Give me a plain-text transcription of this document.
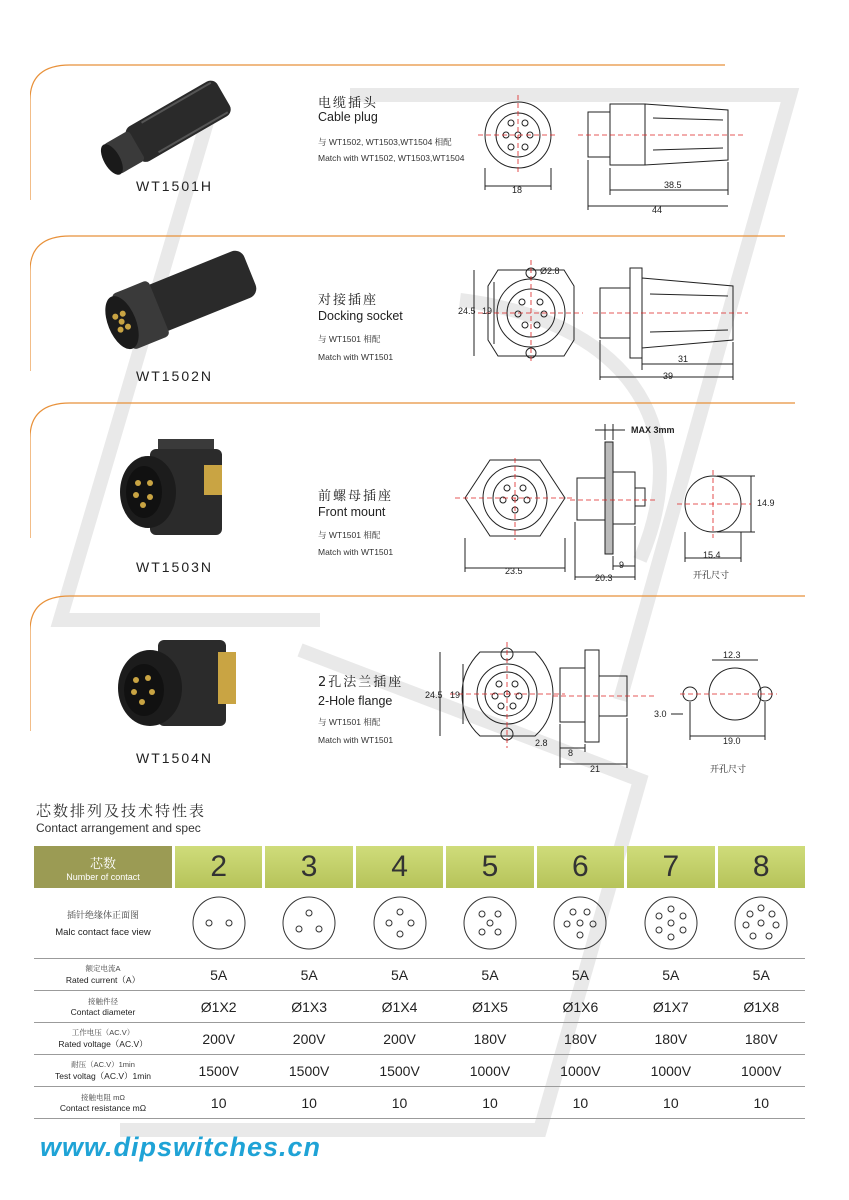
WT1501H
电缆插头
Cable plug
与 WT1502, WT1503,WT1504 相配
Match with WT1502, WT1503,WT1504
18	38.5
44
WT1502N
对接插座
Docking socket
与 WT1501 相配
Match with WT1501
Ø2.8
24.5 19
31
39
WT1503N
前螺母插座
Front mount
与 WT1501 相配
Match with WT1501
MAX 3mm
14.9
9
23.5
20.3
15.4
开孔尺寸
WT1504N
2孔法兰插座
2-Hole flange
与 WT1501 相配
Match with WT1501
24.5 19
2.8
8
21
12.3
3.0
19.0
开孔尺寸
芯数排列及技术特性表
Contact arrangement and spec
芯数
Number of contact	2	3	4	5	6	7	8
插针绝缘体正面图
Malc contact face view
额定电流A
Rated current（A）	5A	5A	5A	5A	5A	5A	5A
接触件径
Contact diameter	Ø1X2	Ø1X3	Ø1X4	Ø1X5	Ø1X6	Ø1X7	Ø1X8
工作电压（AC.V）
Rated voltage（AC.V）	200V	200V	200V	180V	180V	180V	180V
耐压（AC.V）1min
Test voltag（AC.V）1min	1500V	1500V	1500V	1000V	1000V	1000V	1000V
接触电阻 mΩ
Contact resistance mΩ	10	10	10	10	10	10	10
www.dipswitches.cn
